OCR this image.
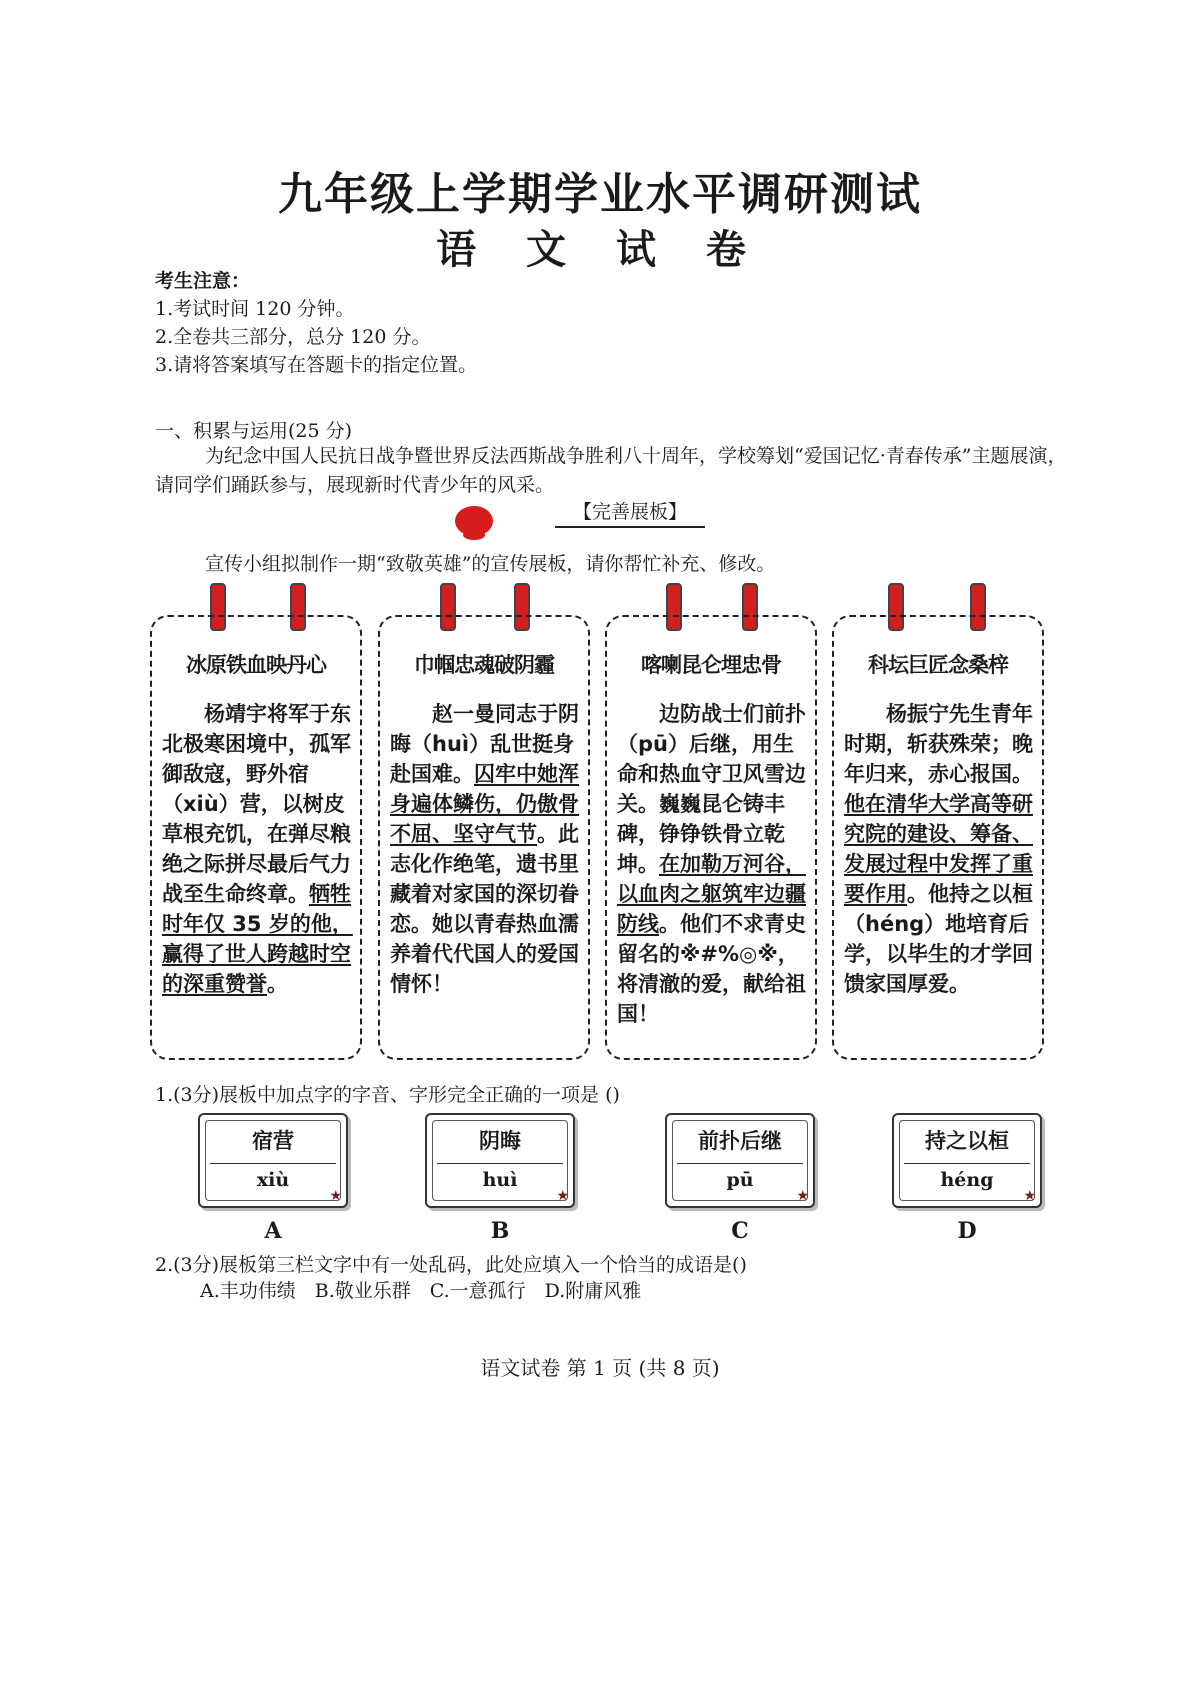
九年级上学期学业水平调研测试
语 文 试 卷
考生注意：
1.考试时间 120 分钟。
2.全卷共三部分，总分 120 分。
3.请将答案填写在答题卡的指定位置。
一、积累与运用(25 分)
为纪念中国人民抗日战争暨世界反法西斯战争胜利八十周年，学校筹划“爱国记忆·青春传承”主题展演，请同学们踊跃参与，展现新时代青少年的风采。
【完善展板】
宣传小组拟制作一期“致敬英雄”的宣传展板，请你帮忙补充、修改。
冰原铁血映丹心
杨靖宇将军于东北极寒困境中，孤军御敌寇，野外宿（xiù）营，以树皮草根充饥，在弹尽粮绝之际拼尽最后气力战至生命终章。牺牲时年仅 35 岁的他，赢得了世人跨越时空的深重赞誉。
巾帼忠魂破阴霾
赵一曼同志于阴晦（huì）乱世挺身赴国难。囚牢中她浑身遍体鳞伤，仍傲骨不屈、坚守气节。此志化作绝笔，遗书里藏着对家国的深切眷恋。她以青春热血濡养着代代国人的爱国情怀！
喀喇昆仑埋忠骨
边防战士们前扑（pū）后继，用生命和热血守卫风雪边关。巍巍昆仑铸丰碑，铮铮铁骨立乾坤。在加勒万河谷，以血肉之躯筑牢边疆防线。他们不求青史留名的※#%◎※，将清澈的爱，献给祖国！
科坛巨匠念桑梓
杨振宁先生青年时期，斩获殊荣；晚年归来，赤心报国。他在清华大学高等研究院的建设、筹备、发展过程中发挥了重要作用。他持之以桓（héng）地培育后学，以毕生的才学回馈家国厚爱。
1.(3分)展板中加点字的字音、字形完全正确的一项是 ()
宿营
xiù
★
阴晦
huì
★
前扑后继
pū
★
持之以桓
héng
★
A	B	C	D
2.(3分)展板第三栏文字中有一处乱码，此处应填入一个恰当的成语是()
A.丰功伟绩　B.敬业乐群　C.一意孤行　D.附庸风雅
语文试卷 第 1 页 (共 8 页)
